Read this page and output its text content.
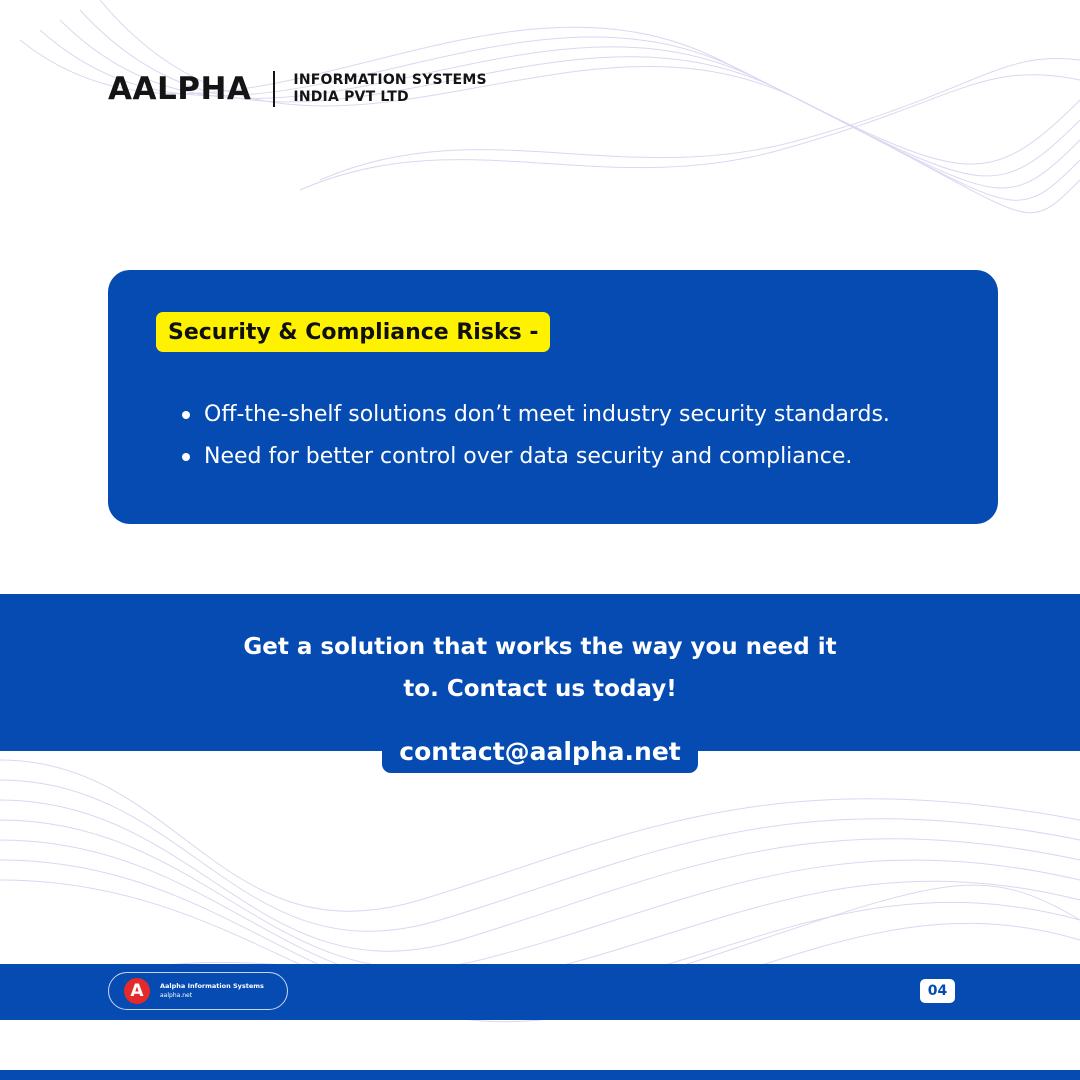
AALPHA	INFORMATION SYSTEMS
INDIA PVT LTD
Security & Compliance Risks -
Off-the-shelf solutions don’t meet industry security standards.
Need for better control over data security and compliance.
Get a solution that works the way you need it
to. Contact us today!
contact@aalpha.net
A	Aalpha Information Systems
aalpha.net	04
